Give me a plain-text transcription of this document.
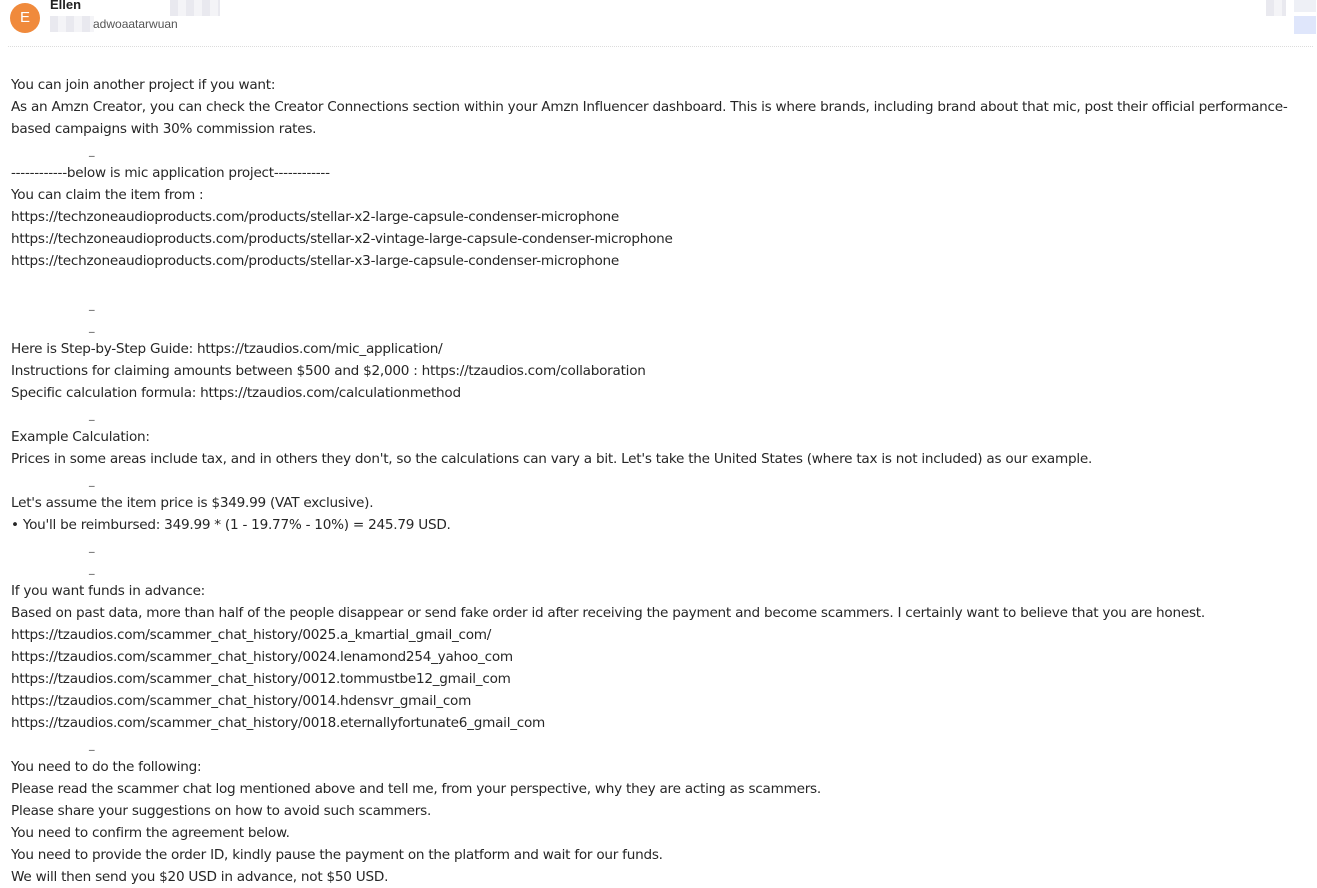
E
Ellen
adwoaatarwuan
You can join another project if you want:
As an Amzn Creator, you can check the Creator Connections section within your Amzn Influencer dashboard. This is where brands, including brand about that mic, post their official performance-based campaigns with 30% commission rates.
_
------------below is mic application project------------
You can claim the item from :
https://techzoneaudioproducts.com/products/stellar-x2-large-capsule-condenser-microphone
https://techzoneaudioproducts.com/products/stellar-x2-vintage-large-capsule-condenser-microphone
https://techzoneaudioproducts.com/products/stellar-x3-large-capsule-condenser-microphone
_
_
Here is Step-by-Step Guide: https://tzaudios.com/mic_application/
Instructions for claiming amounts between $500 and $2,000 : https://tzaudios.com/collaboration
Specific calculation formula: https://tzaudios.com/calculationmethod
_
Example Calculation:
Prices in some areas include tax, and in others they don't, so the calculations can vary a bit. Let's take the United States (where tax is not included) as our example.
_
Let's assume the item price is $349.99 (VAT exclusive).
• You'll be reimbursed: 349.99 * (1 - 19.77% - 10%) = 245.79 USD.
_
_
If you want funds in advance:
Based on past data, more than half of the people disappear or send fake order id after receiving the payment and become scammers. I certainly want to believe that you are honest.
https://tzaudios.com/scammer_chat_history/0025.a_kmartial_gmail_com/
https://tzaudios.com/scammer_chat_history/0024.lenamond254_yahoo_com
https://tzaudios.com/scammer_chat_history/0012.tommustbe12_gmail_com
https://tzaudios.com/scammer_chat_history/0014.hdensvr_gmail_com
https://tzaudios.com/scammer_chat_history/0018.eternallyfortunate6_gmail_com
_
You need to do the following:
Please read the scammer chat log mentioned above and tell me, from your perspective, why they are acting as scammers.
Please share your suggestions on how to avoid such scammers.
You need to confirm the agreement below.
You need to provide the order ID, kindly pause the payment on the platform and wait for our funds.
We will then send you $20 USD in advance, not $50 USD.
